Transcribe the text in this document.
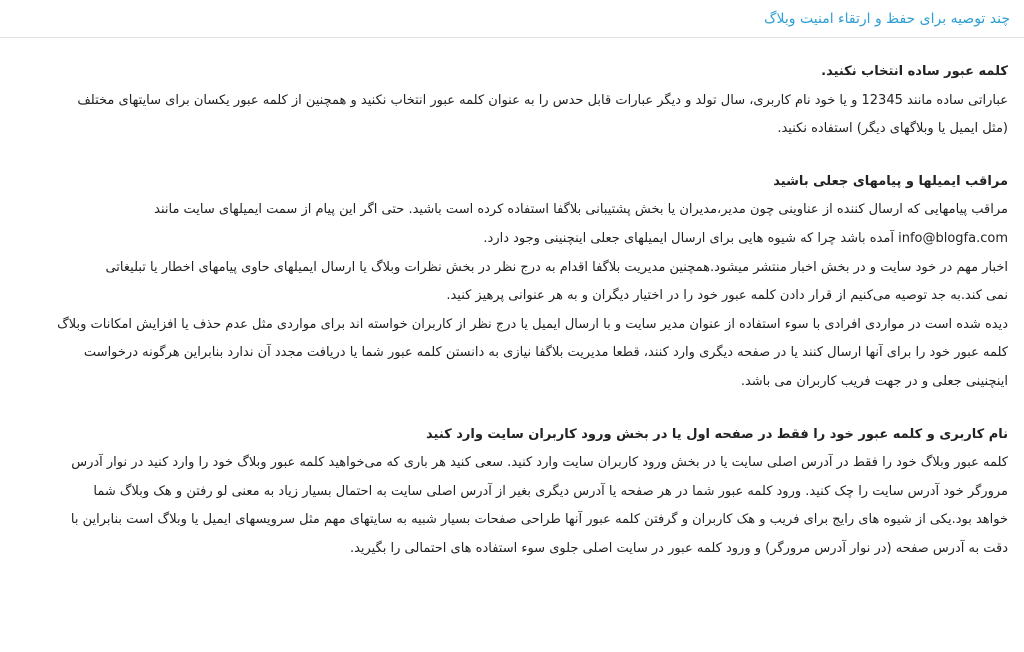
چند توصیه برای حفظ و ارتقاء امنیت وبلاگ
کلمه عبور ساده انتخاب نکنید.

عباراتی ساده مانند 12345 و یا خود نام کاربری، سال تولد و دیگر عبارات قابل حدس را به عنوان کلمه عبور انتخاب نکنید و همچنین از کلمه عبور یکسان برای سایتهای مختلف
(مثل ایمیل یا وبلاگهای دیگر) استفاده نکنید.

مراقب ایمیلها و پیامهای جعلی باشید

مراقب پیامهایی که ارسال کننده از عناوینی چون مدیر،مدیران یا بخش پشتیبانی بلاگفا استفاده کرده است باشید. حتی اگر این پیام از سمت ایمیلهای سایت مانند
info@blogfa.com آمده باشد چرا که شیوه هایی برای ارسال ایمیلهای جعلی اینچنینی وجود دارد.
اخبار مهم در خود سایت و در بخش اخبار منتشر میشود.همچنین مدیریت بلاگفا اقدام به درج نظر در بخش نظرات وبلاگ یا ارسال ایمیلهای حاوی پیامهای اخطار یا تبلیغاتی
نمی کند.به جد توصیه می‌کنیم از قرار دادن کلمه عبور خود را در اختیار دیگران و به هر عنوانی پرهیز کنید.
دیده شده است در مواردی افرادی با سوء استفاده از عنوان مدیر سایت و با ارسال ایمیل یا درج نظر از کاربران خواسته اند برای مواردی مثل عدم حذف یا افزایش امکانات وبلاگ
کلمه عبور خود را برای آنها ارسال کنند یا در صفحه دیگری وارد کنند، قطعا مدیریت بلاگفا نیازی به دانستن کلمه عبور شما یا دریافت مجدد آن ندارد بنابراین هرگونه درخواست
اینچنینی جعلی و در جهت فریب کاربران می باشد.

نام کاربری و کلمه عبور خود را فقط در صفحه اول یا در بخش ورود کاربران سایت وارد کنید

کلمه عبور وبلاگ خود را فقط در آدرس اصلی سایت یا در بخش ورود کاربران سایت وارد کنید. سعی کنید هر باری که می‌خواهید کلمه عبور وبلاگ خود را وارد کنید در نوار آدرس
مرورگر خود آدرس سایت را چک کنید. ورود کلمه عبور شما در هر صفحه یا آدرس دیگری بغیر از آدرس اصلی سایت به احتمال بسیار زیاد به معنی لو رفتن و هک وبلاگ شما
خواهد بود.یکی از شیوه های رایج برای فریب و هک کاربران و گرفتن کلمه عبور آنها طراحی صفحات بسیار شبیه به سایتهای مهم مثل سرویسهای ایمیل یا وبلاگ است بنابراین با
دقت به آدرس صفحه (در نوار آدرس مرورگر) و ورود کلمه عبور در سایت اصلی جلوی سوء استفاده های احتمالی را بگیرید.
